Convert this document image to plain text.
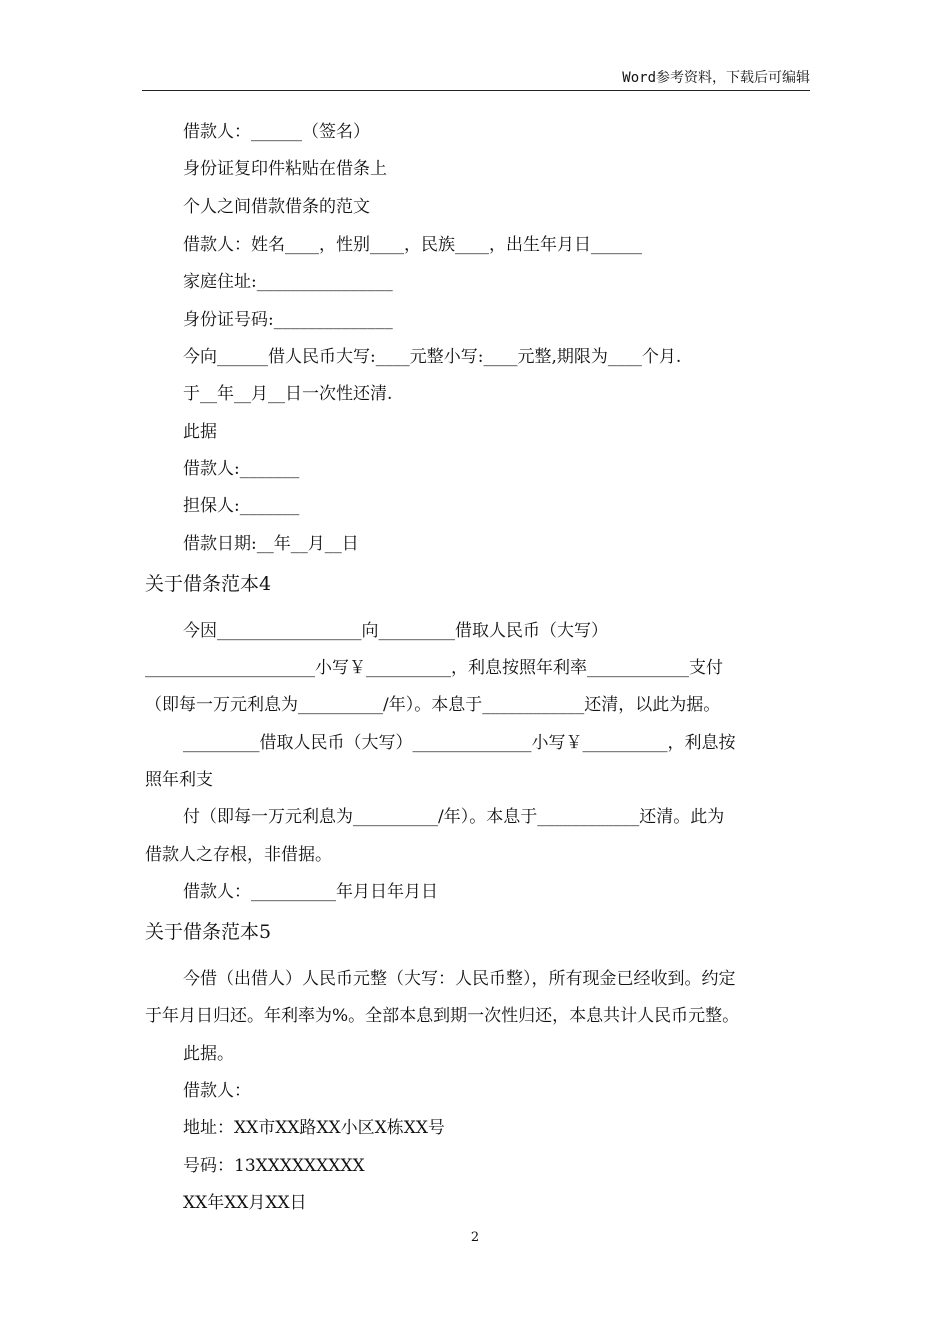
Word参考资料，下载后可编辑
借款人：______（签名）
身份证复印件粘贴在借条上
个人之间借款借条的范文
借款人：姓名____，性别____，民族____，出生年月日______
家庭住址:________________
身份证号码:______________
今向______借人民币大写:____元整小写:____元整,期限为____个月.
于__年__月__日一次性还清.
此据
借款人:_______
担保人:_______
借款日期:__年__月__日
关于借条范本4
今因_________________向_________借取人民币（大写）
____________________小写￥__________，利息按照年利率____________支付
（即每一万元利息为__________/年）。本息于____________还清，以此为据。
_________借取人民币（大写）______________小写￥__________，利息按
照年利支
付（即每一万元利息为__________/年）。本息于____________还清。此为
借款人之存根，非借据。
借款人：__________年月日年月日
关于借条范本5
今借（出借人）人民币元整（大写：人民币整），所有现金已经收到。约定
于年月日归还。年利率为%。全部本息到期一次性归还，本息共计人民币元整。
此据。
借款人：
地址：XX市XX路XX小区X栋XX号
号码：13XXXXXXXXX
XX年XX月XX日
2
